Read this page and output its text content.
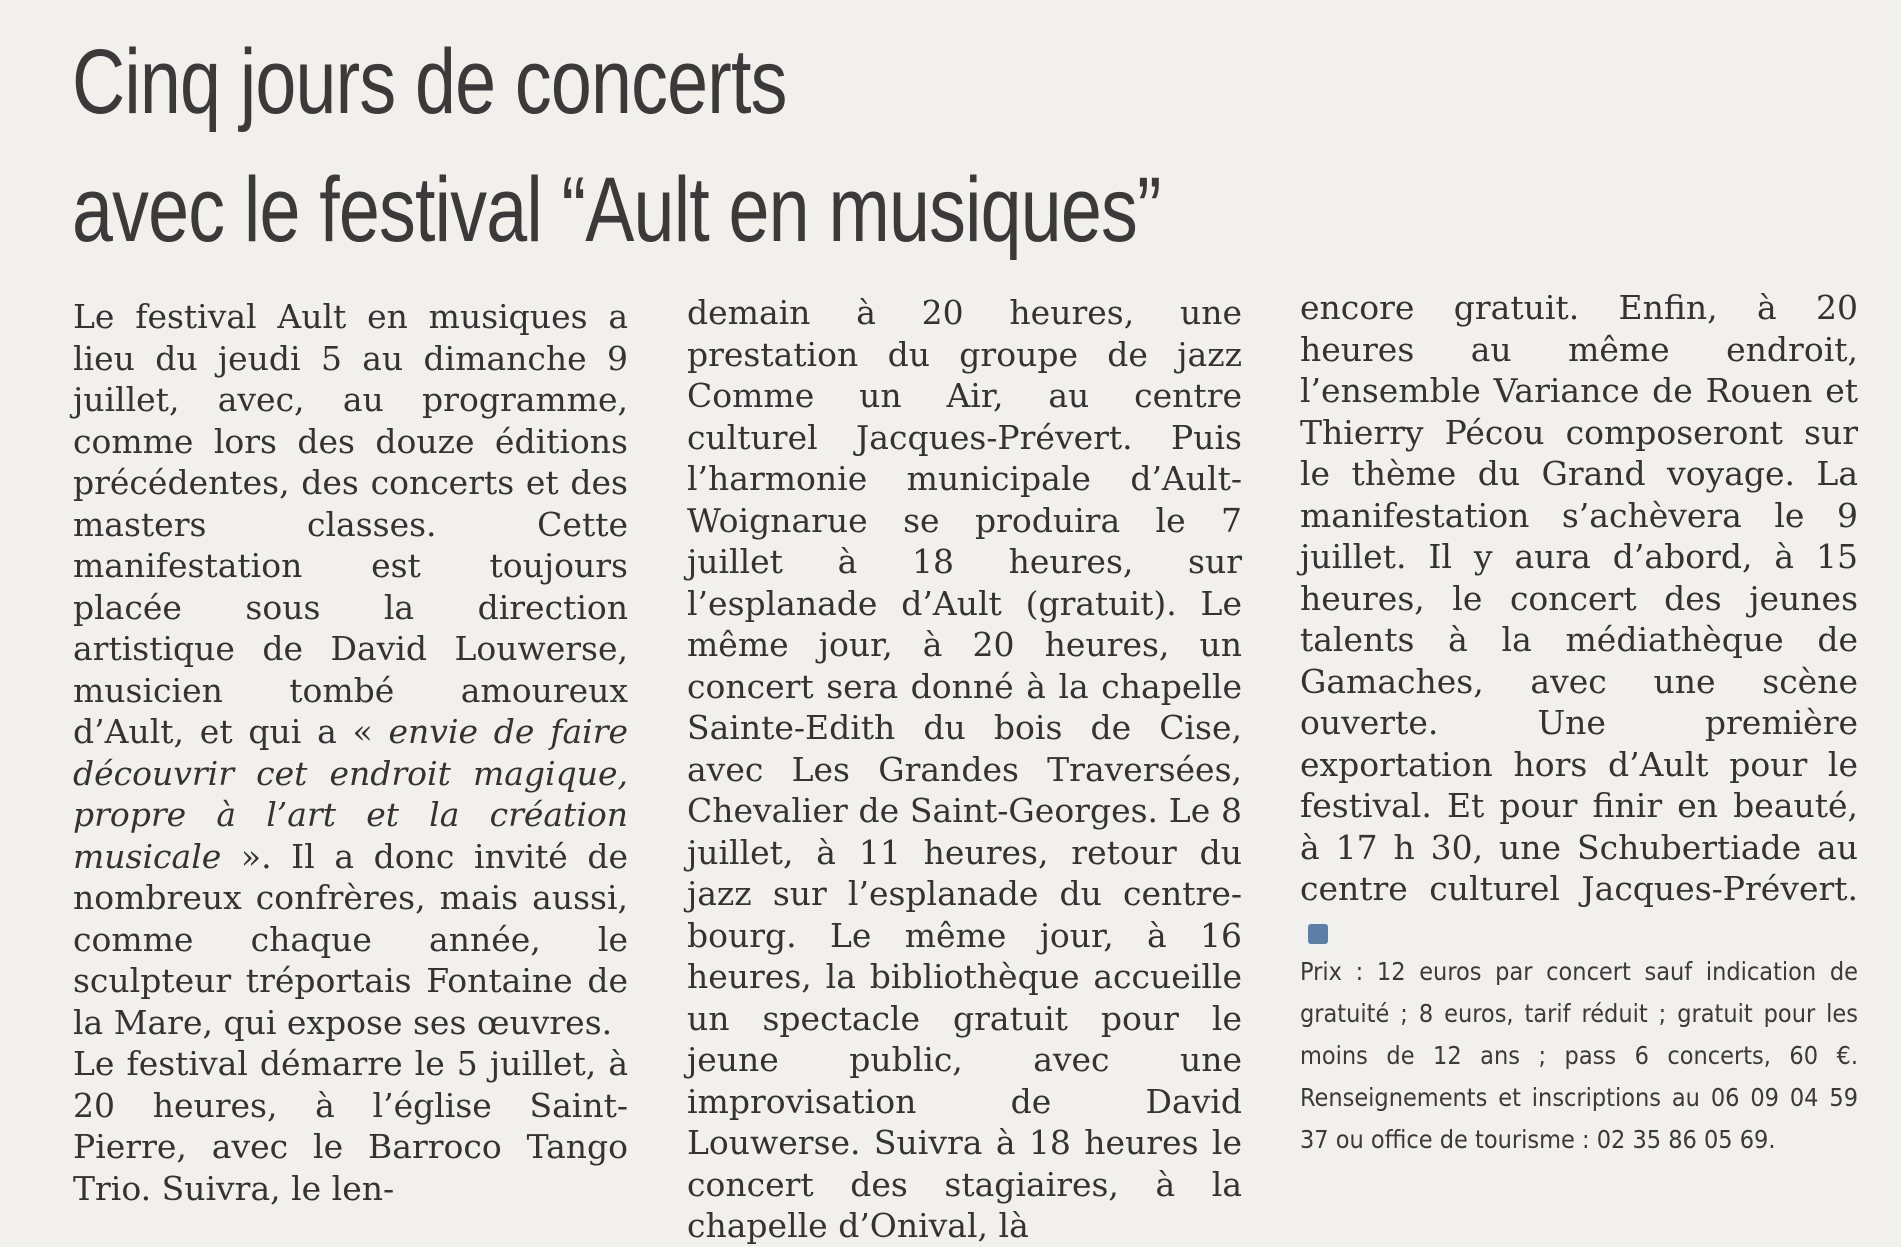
Cinq jours de concerts
avec le festival “Ault en musiques”

Le festival Ault en musiques a lieu du jeudi 5 au dimanche 9 juillet, avec, au programme, comme lors des douze éditions précédentes, des concerts et des masters classes. Cette manifestation est toujours placée sous la direction artistique de David Louwerse, musicien tombé amoureux d’Ault, et qui a « envie de faire découvrir cet endroit magique, propre à l’art et la création musicale ». Il a donc invité de nombreux confrères, mais aussi, comme chaque année, le sculpteur tréportais Fontaine de la Mare, qui expose ses œuvres.

Le festival démarre le 5 juillet, à 20 heures, à l’église Saint-Pierre, avec le Barroco Tango Trio. Suivra, le len-

demain à 20 heures, une prestation du groupe de jazz Comme un Air, au centre culturel Jacques-Prévert. Puis l’harmonie municipale d’Ault-Woignarue se produira le 7 juillet à 18 heures, sur l’esplanade d’Ault (gratuit). Le même jour, à 20 heures, un concert sera donné à la chapelle Sainte-Edith du bois de Cise, avec Les Grandes Traversées, Chevalier de Saint-Georges. Le 8 juillet, à 11 heures, retour du jazz sur l’esplanade du centre-bourg. Le même jour, à 16 heures, la bibliothèque accueille un spectacle gratuit pour le jeune public, avec une improvisation de David Louwerse. Suivra à 18 heures le concert des stagiaires, à la chapelle d’Onival, là

encore gratuit. Enfin, à 20 heures au même endroit, l’ensemble Variance de Rouen et Thierry Pécou composeront sur le thème du Grand voyage. La manifestation s’achèvera le 9 juillet. Il y aura d’abord, à 15 heures, le concert des jeunes talents à la médiathèque de Gamaches, avec une scène ouverte. Une première exportation hors d’Ault pour le festival. Et pour finir en beauté, à 17 h 30, une Schubertiade au centre culturel Jacques-Prévert.

Prix : 12 euros par concert sauf indication de gratuité ; 8 euros, tarif réduit ; gratuit pour les moins de 12 ans ; pass 6 concerts, 60 €. Renseignements et inscriptions au 06 09 04 59 37 ou office de tourisme : 02 35 86 05 69.
